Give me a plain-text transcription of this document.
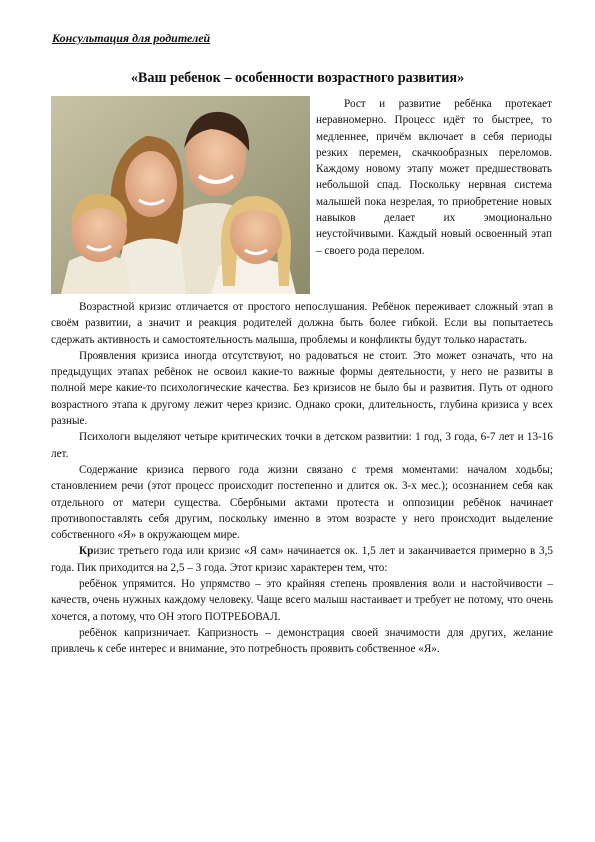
Консультация для родителей
«Ваш ребенок – особенности возрастного развития»

Рост и развитие ребёнка протекает неравномерно. Процесс идёт то быстрее, то медленнее, причём включает в себя периоды резких перемен, скачкообразных переломов. Каждому новому этапу может предшествовать небольшой спад. Поскольку нервная система малышей пока незрелая, то приобретение новых навыков делает их эмоционально неустойчивыми. Каждый новый освоенный этап – своего рода перелом.

Возрастной кризис отличается от простого непослушания. Ребёнок переживает сложный этап в своём развитии, а значит и реакция родителей должна быть более гибкой. Если вы попытаетесь сдержать активность и самостоятельность малыша, проблемы и конфликты будут только нарастать.

Проявления кризиса иногда отсутствуют, но радоваться не стоит. Это может означать, что на предыдущих этапах ребёнок не освоил какие-то важные формы деятельности, у него не развиты в полной мере какие-то психологические качества. Без кризисов не было бы и развития. Путь от одного возрастного этапа к другому лежит через кризис. Однако сроки, длительность, глубина кризиса у всех разные.

Психологи выделяют четыре критических точки в детском развитии: 1 год, 3 года, 6-7 лет и 13-16 лет.

Содержание кризиса первого года жизни связано с тремя моментами: началом ходьбы; становлением речи (этот процесс происходит постепенно и длится ок. 3-х мес.); осознанием себя как отдельного от матери существа. Сбербными актами протеста и оппозиции ребёнок начинает противопоставлять себя другим, поскольку именно в этом возрасте у него происходит выделение собственного «Я» в окружающем мире.

Кризис третьего года или кризис «Я сам» начинается ок. 1,5 лет и заканчивается примерно в 3,5 года. Пик приходится на 2,5 – 3 года. Этот кризис характерен тем, что:

ребёнок упрямится. Но упрямство – это крайняя степень проявления воли и настойчивости – качеств, очень нужных каждому человеку. Чаще всего малыш настаивает и требует не потому, что очень хочется, а потому, что ОН этого ПОТРЕБОВАЛ.

ребёнок капризничает. Капризность – демонстрация своей значимости для других, желание привлечь к себе интерес и внимание, это потребность проявить собственное «Я».
